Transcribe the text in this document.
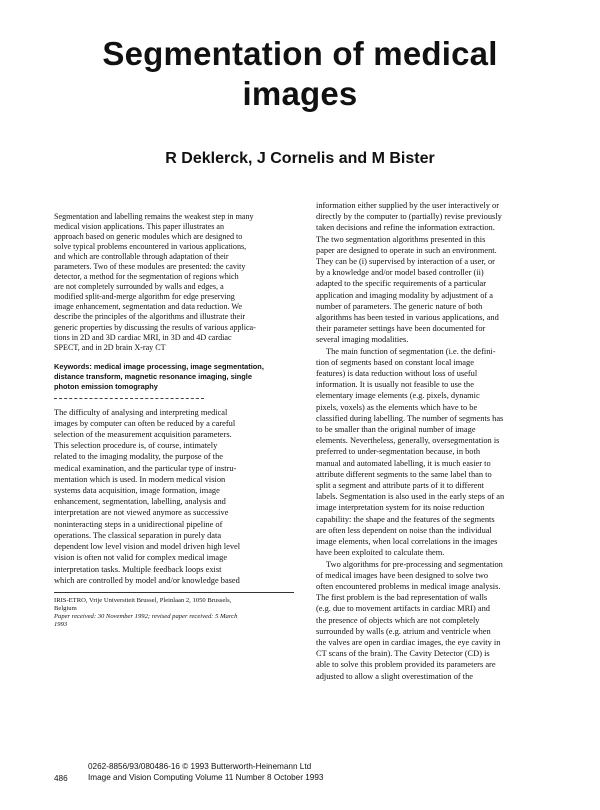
Segmentation of medical
images
R Deklerck, J Cornelis and M Bister

Segmentation and labelling remains the weakest step in many

medical vision applications. This paper illustrates an

approach based on generic modules which are designed to

solve typical problems encountered in various applications,

and which are controllable through adaptation of their

parameters. Two of these modules are presented: the cavity

detector, a method for the segmentation of regions which

are not completely surrounded by walls and edges, a

modified split-and-merge algorithm for edge preserving

image enhancement, segmentation and data reduction. We

describe the principles of the algorithms and illustrate their

generic properties by discussing the results of various applica-

tions in 2D and 3D cardiac MRI, in 3D and 4D cardiac

SPECT, and in 2D brain X-ray CT

Keywords: medical image processing, image segmentation,

distance transform, magnetic resonance imaging, single

photon emission tomography

The difficulty of analysing and interpreting medical

images by computer can often be reduced by a careful

selection of the measurement acquisition parameters.

This selection procedure is, of course, intimately

related to the imaging modality, the purpose of the

medical examination, and the particular type of instru-

mentation which is used. In modern medical vision

systems data acquisition, image formation, image

enhancement, segmentation, labelling, analysis and

interpretation are not viewed anymore as successive

noninteracting steps in a unidirectional pipeline of

operations. The classical separation in purely data

dependent low level vision and model driven high level

vision is often not valid for complex medical image

interpretation tasks. Multiple feedback loops exist

which are controlled by model and/or knowledge based

IRIS-ETRO, Vrije Universiteit Brussel, Pleinlaan 2, 1050 Brussels,

Belgium

Paper received: 30 November 1992; revised paper received: 5 March

1993

information either supplied by the user interactively or

directly by the computer to (partially) revise previously

taken decisions and refine the information extraction.

The two segmentation algorithms presented in this

paper are designed to operate in such an environment.

They can be (i) supervised by interaction of a user, or

by a knowledge and/or model based controller (ii)

adapted to the specific requirements of a particular

application and imaging modality by adjustment of a

number of parameters. The generic nature of both

algorithms has been tested in various applications, and

their parameter settings have been documented for

several imaging modalities.

The main function of segmentation (i.e. the defini-

tion of segments based on constant local image

features) is data reduction without loss of useful

information. It is usually not feasible to use the

elementary image elements (e.g. pixels, dynamic

pixels, voxels) as the elements which have to be

classified during labelling. The number of segments has

to be smaller than the original number of image

elements. Nevertheless, generally, oversegmentation is

preferred to under-segmentation because, in both

manual and automated labelling, it is much easier to

attribute different segments to the same label than to

split a segment and attribute parts of it to different

labels. Segmentation is also used in the early steps of an

image interpretation system for its noise reduction

capability: the shape and the features of the segments

are often less dependent on noise than the individual

image elements, when local correlations in the images

have been exploited to calculate them.

Two algorithms for pre-processing and segmentation

of medical images have been designed to solve two

often encountered problems in medical image analysis.

The first problem is the bad representation of walls

(e.g. due to movement artifacts in cardiac MRI) and

the presence of objects which are not completely

surrounded by walls (e.g. atrium and ventricle when

the valves are open in cardiac images, the eye cavity in

CT scans of the brain). The Cavity Detector (CD) is

able to solve this problem provided its parameters are

adjusted to allow a slight overestimation of the

0262-8856/93/080486-16 © 1993 Butterworth-Heinemann Ltd
486 Image and Vision Computing Volume 11 Number 8 October 1993
